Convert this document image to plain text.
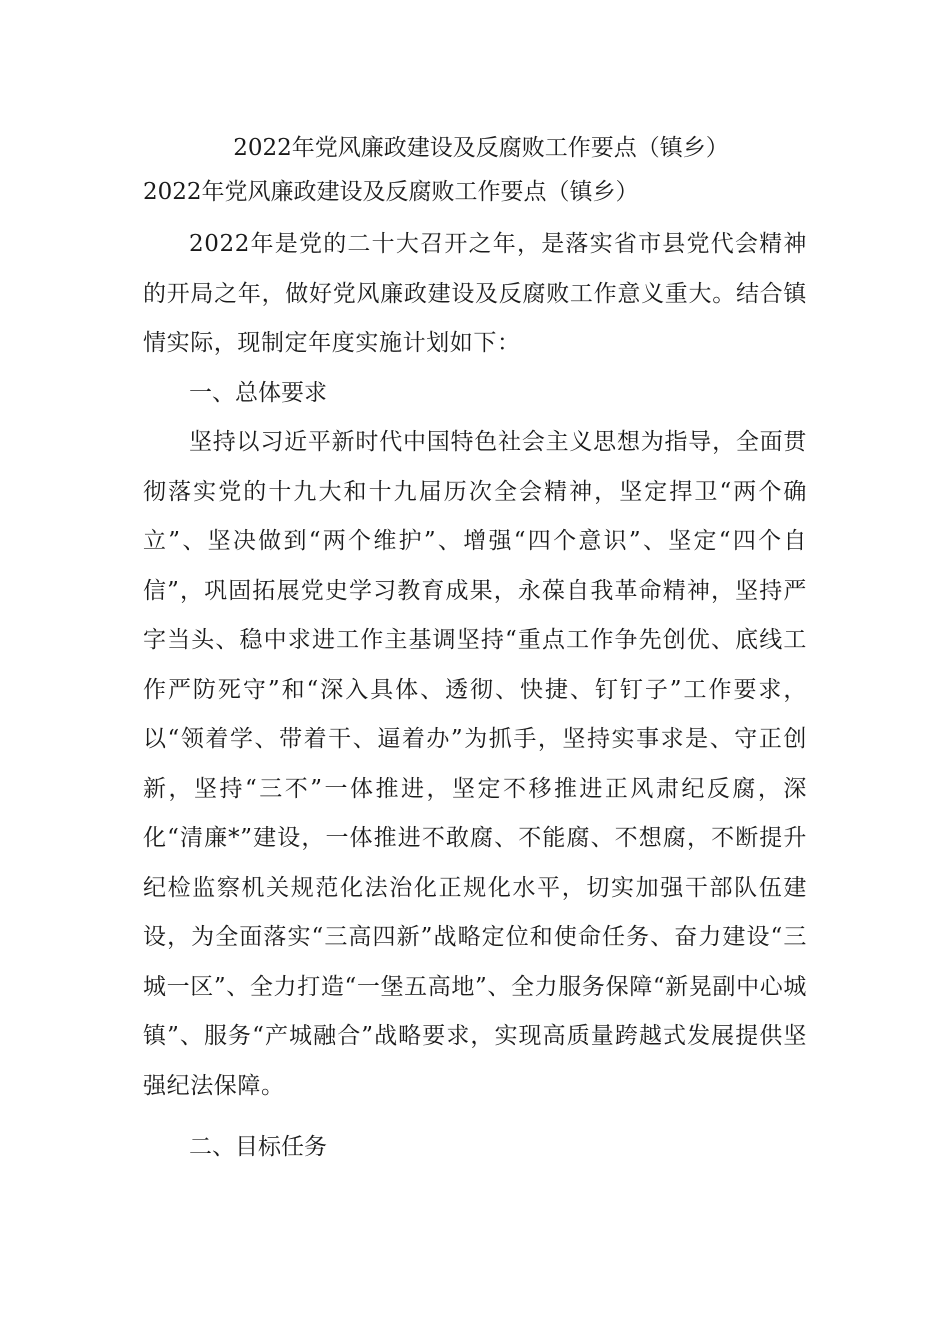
2022年党风廉政建设及反腐败工作要点（镇乡）

2022年党风廉政建设及反腐败工作要点（镇乡）

2022年是党的二十大召开之年，是落实省市县党代会精神的开局之年，做好党风廉政建设及反腐败工作意义重大。结合镇情实际，现制定年度实施计划如下：

一、总体要求

坚持以习近平新时代中国特色社会主义思想为指导，全面贯彻落实党的十九大和十九届历次全会精神，坚定捍卫“两个确立”、坚决做到“两个维护”、增强“四个意识”、坚定“四个自信”，巩固拓展党史学习教育成果，永葆自我革命精神，坚持严字当头、稳中求进工作主基调坚持“重点工作争先创优、底线工作严防死守”和“深入具体、透彻、快捷、钉钉子”工作要求，以“领着学、带着干、逼着办”为抓手，坚持实事求是、守正创新，坚持“三不”一体推进，坚定不移推进正风肃纪反腐，深化“清廉*”建设，一体推进不敢腐、不能腐、不想腐，不断提升纪检监察机关规范化法治化正规化水平，切实加强干部队伍建设，为全面落实“三高四新”战略定位和使命任务、奋力建设“三城一区”、全力打造“一堡五高地”、全力服务保障“新晃副中心城镇”、服务“产城融合”战略要求，实现高质量跨越式发展提供坚强纪法保障。

二、目标任务
